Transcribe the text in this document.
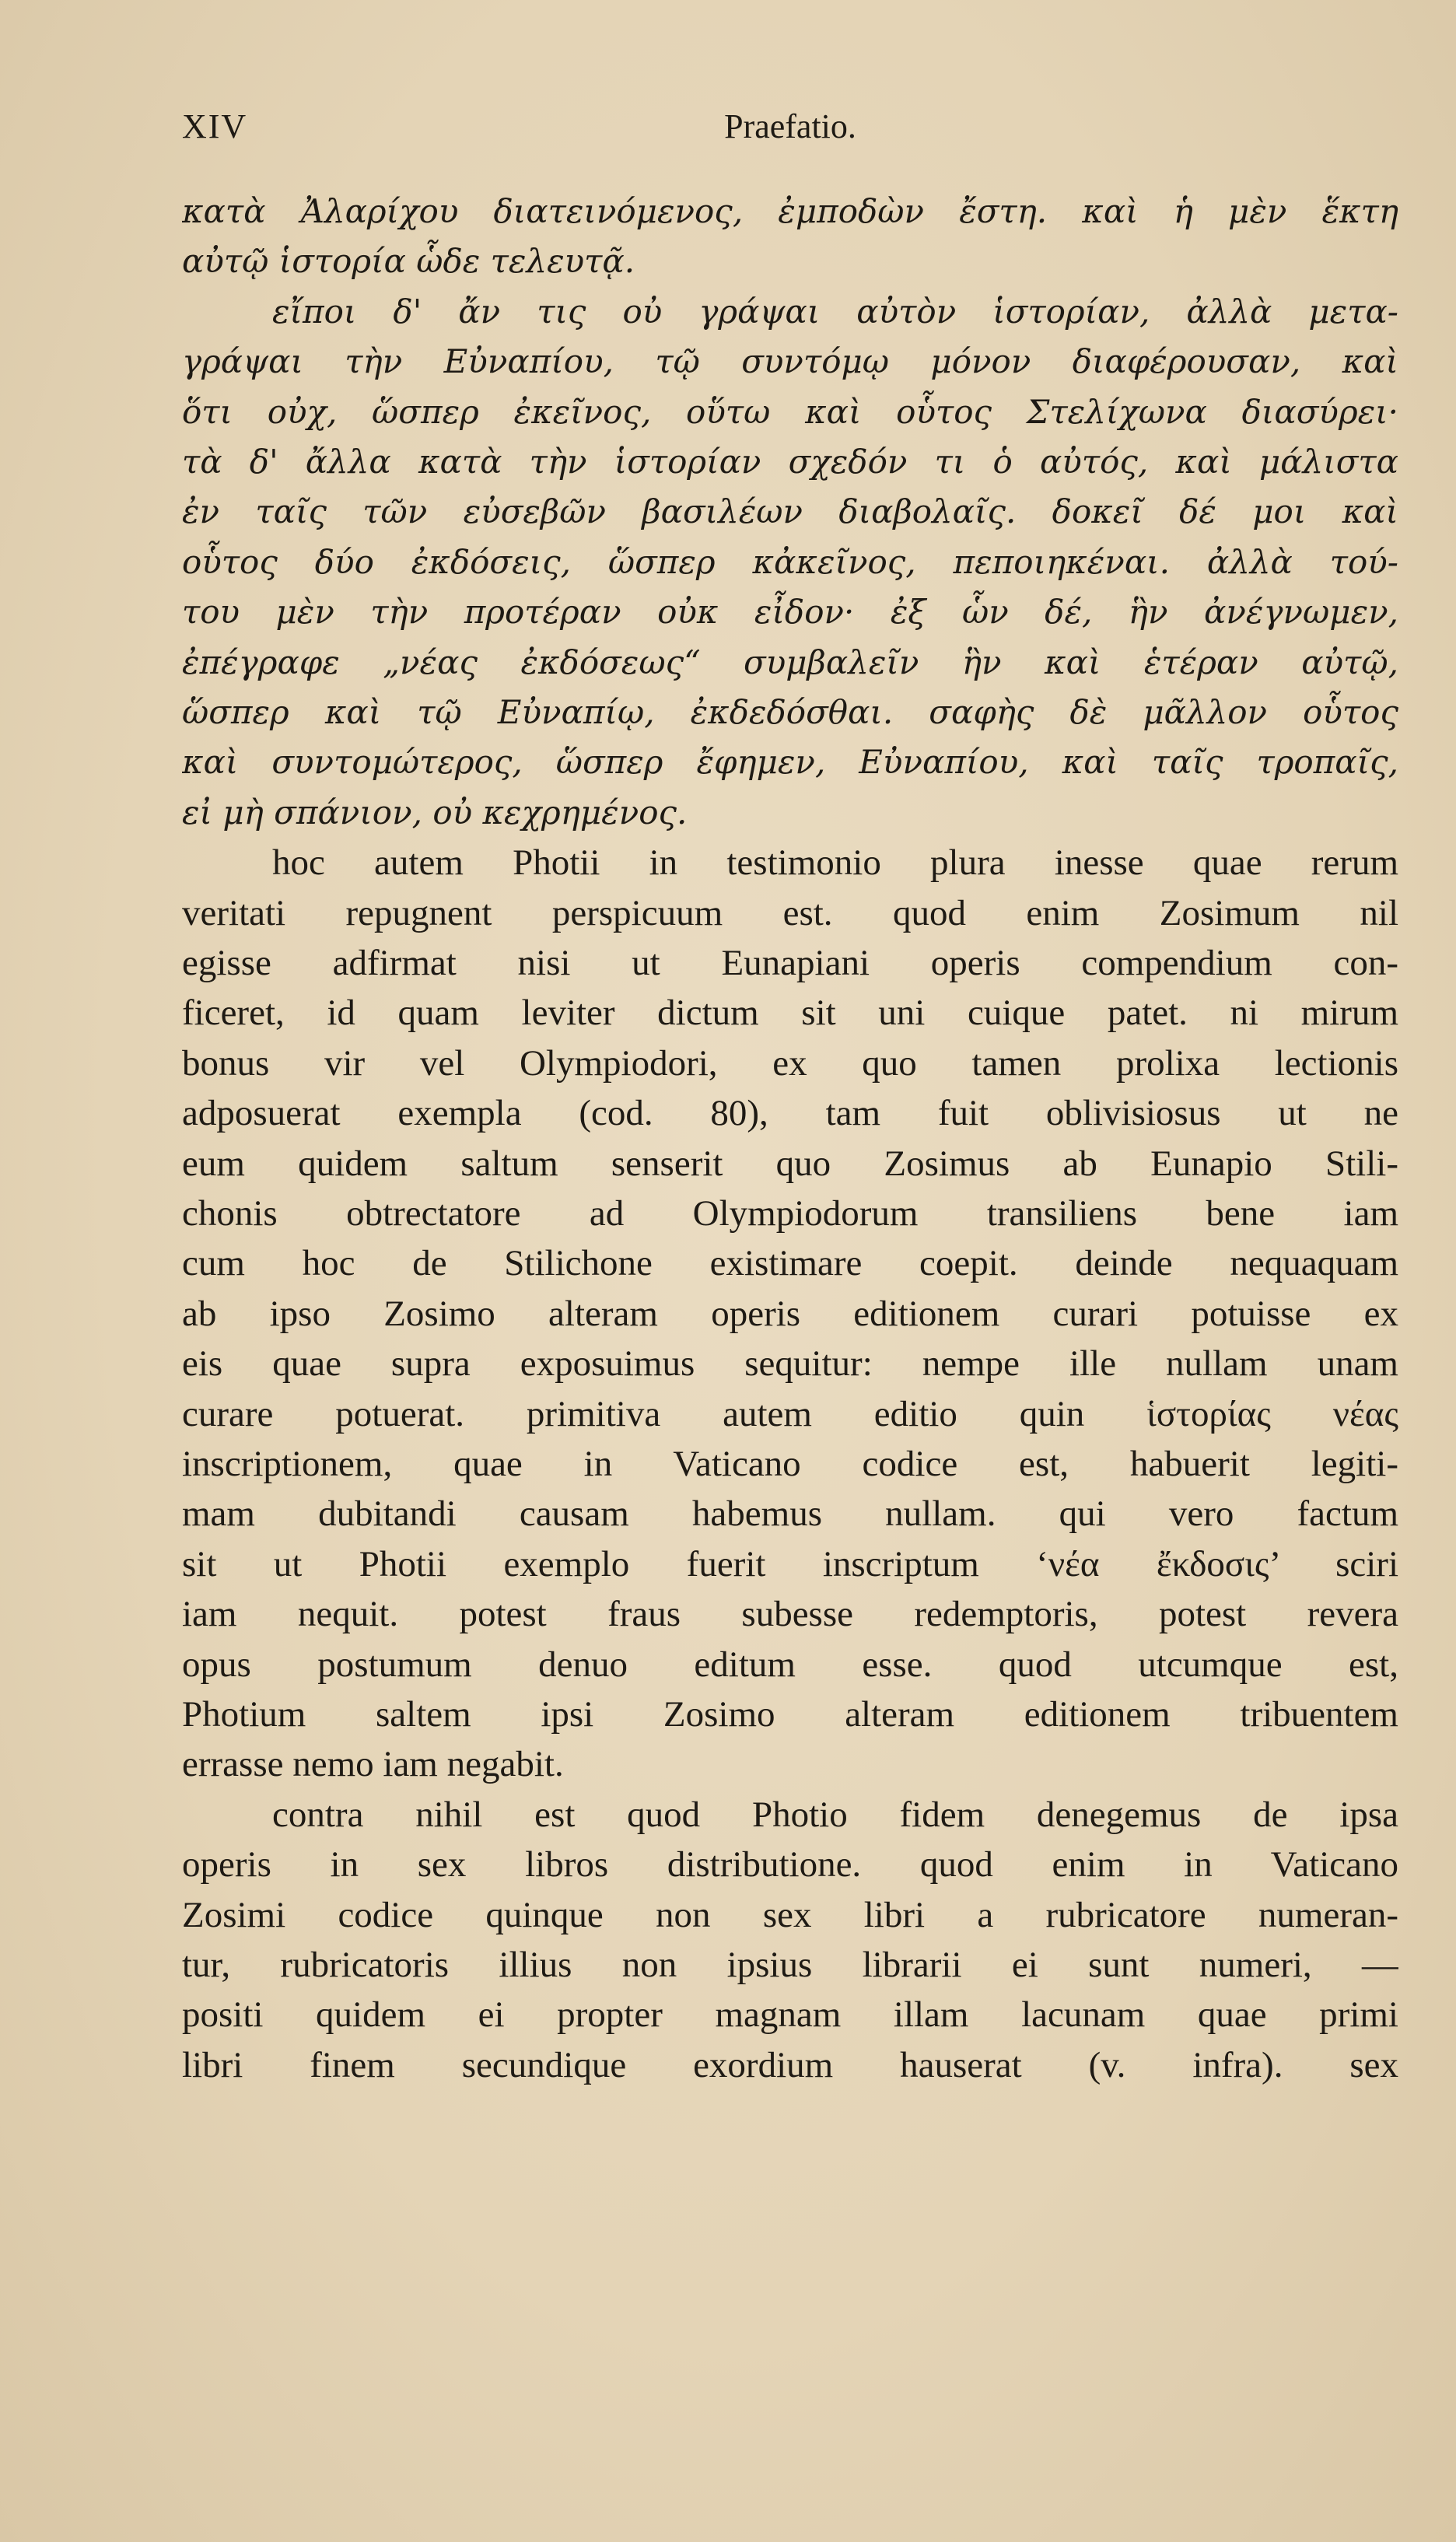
XIV	Praefatio.
κατὰ Ἀλαρίχου διατεινόμενος, ἐμποδὼν ἔστη. καὶ ἡ μὲν ἕκτη
αὐτῷ ἱστορία ὧδε τελευτᾷ.
εἴποι δ' ἄν τις οὐ γράψαι αὐτὸν ἱστορίαν, ἀλλὰ μετα-
γράψαι τὴν Εὐναπίου, τῷ συντόμῳ μόνον διαφέρουσαν, καὶ
ὅτι οὐχ, ὥσπερ ἐκεῖνος, οὕτω καὶ οὗτος Στελίχωνα διασύρει·
τὰ δ' ἄλλα κατὰ τὴν ἱστορίαν σχεδόν τι ὁ αὐτός, καὶ μάλιστα
ἐν ταῖς τῶν εὐσεβῶν βασιλέων διαβολαῖς. δοκεῖ δέ μοι καὶ
οὗτος δύο ἐκδόσεις, ὥσπερ κἀκεῖνος, πεποιηκέναι. ἀλλὰ τού-
του μὲν τὴν προτέραν οὐκ εἶδον· ἐξ ὧν δέ, ἣν ἀνέγνωμεν,
ἐπέγραφε „νέας ἐκδόσεως“ συμβαλεῖν ἣν καὶ ἑτέραν αὐτῷ,
ὥσπερ καὶ τῷ Εὐναπίῳ, ἐκδεδόσθαι. σαφὴς δὲ μᾶλλον οὗτος
καὶ συντομώτερος, ὥσπερ ἔφημεν, Εὐναπίου, καὶ ταῖς τροπαῖς,
εἰ μὴ σπάνιον, οὐ κεχρημένος.
hoc autem Photii in testimonio plura inesse quae rerum
veritati repugnent perspicuum est. quod enim Zosimum nil
egisse adfirmat nisi ut Eunapiani operis compendium con-
ficeret, id quam leviter dictum sit uni cuique patet. ni mirum
bonus vir vel Olympiodori, ex quo tamen prolixa lectionis
adposuerat exempla (cod. 80), tam fuit oblivisiosus ut ne
eum quidem saltum senserit quo Zosimus ab Eunapio Stili-
chonis obtrectatore ad Olympiodorum transiliens bene iam
cum hoc de Stilichone existimare coepit. deinde nequaquam
ab ipso Zosimo alteram operis editionem curari potuisse ex
eis quae supra exposuimus sequitur: nempe ille nullam unam
curare potuerat. primitiva autem editio quin ἱστορίας νέας
inscriptionem, quae in Vaticano codice est, habuerit legiti-
mam dubitandi causam habemus nullam. qui vero factum
sit ut Photii exemplo fuerit inscriptum ‘νέα ἔκδοσις’ sciri
iam nequit. potest fraus subesse redemptoris, potest revera
opus postumum denuo editum esse. quod utcumque est,
Photium saltem ipsi Zosimo alteram editionem tribuentem
errasse nemo iam negabit.
contra nihil est quod Photio fidem denegemus de ipsa
operis in sex libros distributione. quod enim in Vaticano
Zosimi codice quinque non sex libri a rubricatore numeran-
tur, rubricatoris illius non ipsius librarii ei sunt numeri, —
positi quidem ei propter magnam illam lacunam quae primi
libri finem secundique exordium hauserat (v. infra). sex
